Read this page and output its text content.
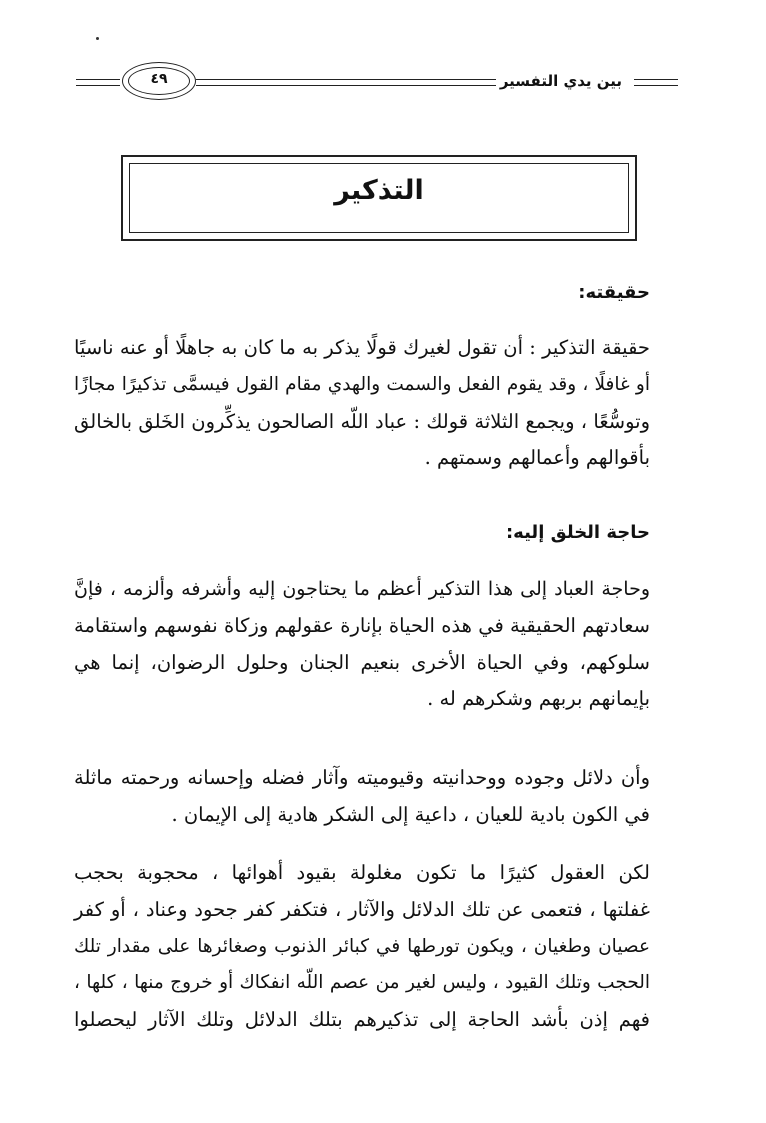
بين يدي التفسير
٤٩
التذكير
حقيقته:
حقيقة التذكير : أن تقول لغيرك قولًا يذكر به ما كان به جاهلًا أو عنه ناسيًا
أو غافلًا ، وقد يقوم الفعل والسمت والهدي مقام القول فيسمَّى تذكيرًا مجازًا
وتوسُّعًا ، ويجمع الثلاثة قولك : عباد اللّه الصالحون يذكِّرون الخَلق بالخالق
بأقوالهم وأعمالهم وسمتهم .
حاجة الخلق إليه:
وحاجة العباد إلى هذا التذكير أعظم ما يحتاجون إليه وأشرفه وألزمه ، فإنَّ
سعادتهم الحقيقية في هذه الحياة بإنارة عقولهم وزكاة نفوسهم واستقامة
سلوكهم، وفي الحياة الأخرى بنعيم الجنان وحلول الرضوان، إنما هي
بإيمانهم بربهم وشكرهم له .
وأن دلائل وجوده ووحدانيته وقيوميته وآثار فضله وإحسانه ورحمته ماثلة
في الكون بادية للعيان ، داعية إلى الشكر هادية إلى الإيمان .
لكن العقول كثيرًا ما تكون مغلولة بقيود أهوائها ، محجوبة بحجب
غفلتها ، فتعمى عن تلك الدلائل والآثار ، فتكفر كفر جحود وعناد ، أو كفر
عصيان وطغيان ، ويكون تورطها في كبائر الذنوب وصغائرها على مقدار تلك
الحجب وتلك القيود ، وليس لغير من عصم اللّه انفكاك أو خروج منها ، كلها ،
فهم إذن بأشد الحاجة إلى تذكيرهم بتلك الدلائل وتلك الآثار ليحصلوا
